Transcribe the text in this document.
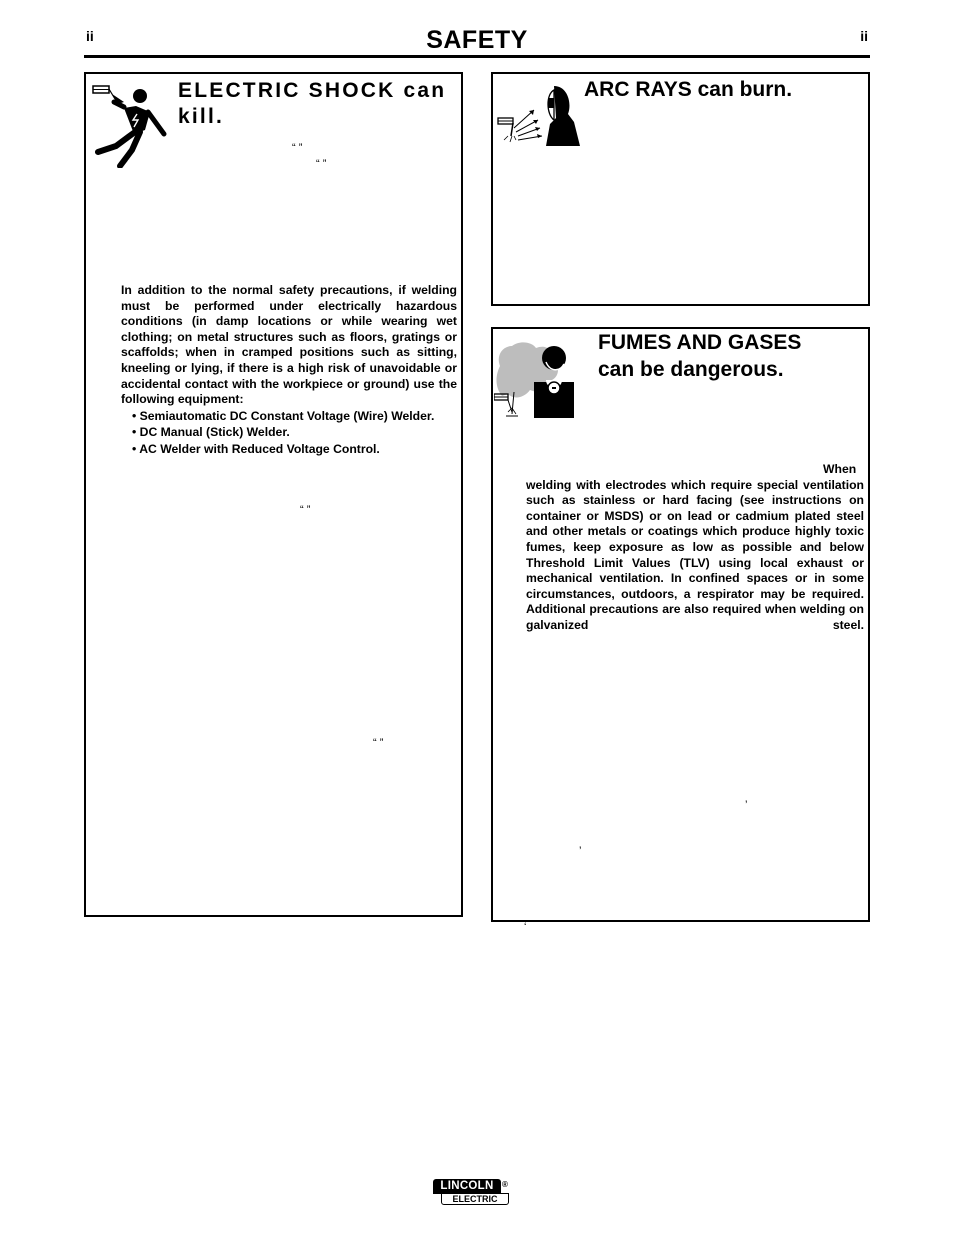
ii	SAFETY	ii
ELECTRIC SHOCK can kill.
“ ”
“ ”
In addition to the normal safety precautions, if welding must be performed under electrically hazardous conditions (in damp locations or while wearing wet clothing; on metal structures such as floors, gratings or scaffolds; when in cramped positions such as sitting, kneeling or lying, if there is a high risk of unavoidable or accidental contact with the workpiece or ground) use the following equipment:
• Semiautomatic DC Constant Voltage (Wire) Welder.
• DC Manual (Stick) Welder.
• AC Welder with Reduced Voltage Control.
“ ”
“ ”
ARC RAYS can burn.
FUMES AND GASES
can be dangerous.
When welding with electrodes which require special ventilation such as stainless or hard facing (see instructions on container or MSDS) or on lead or cadmium plated steel and other metals or coatings which produce highly toxic fumes, keep exposure as low as possible and below Threshold Limit Values (TLV) using local exhaust or mechanical ventilation. In confined spaces or in some circumstances, outdoors, a respirator may be required. Additional precautions are also required when welding on galvanized steel.
’
’
‘
LINCOLN
ELECTRIC
®
